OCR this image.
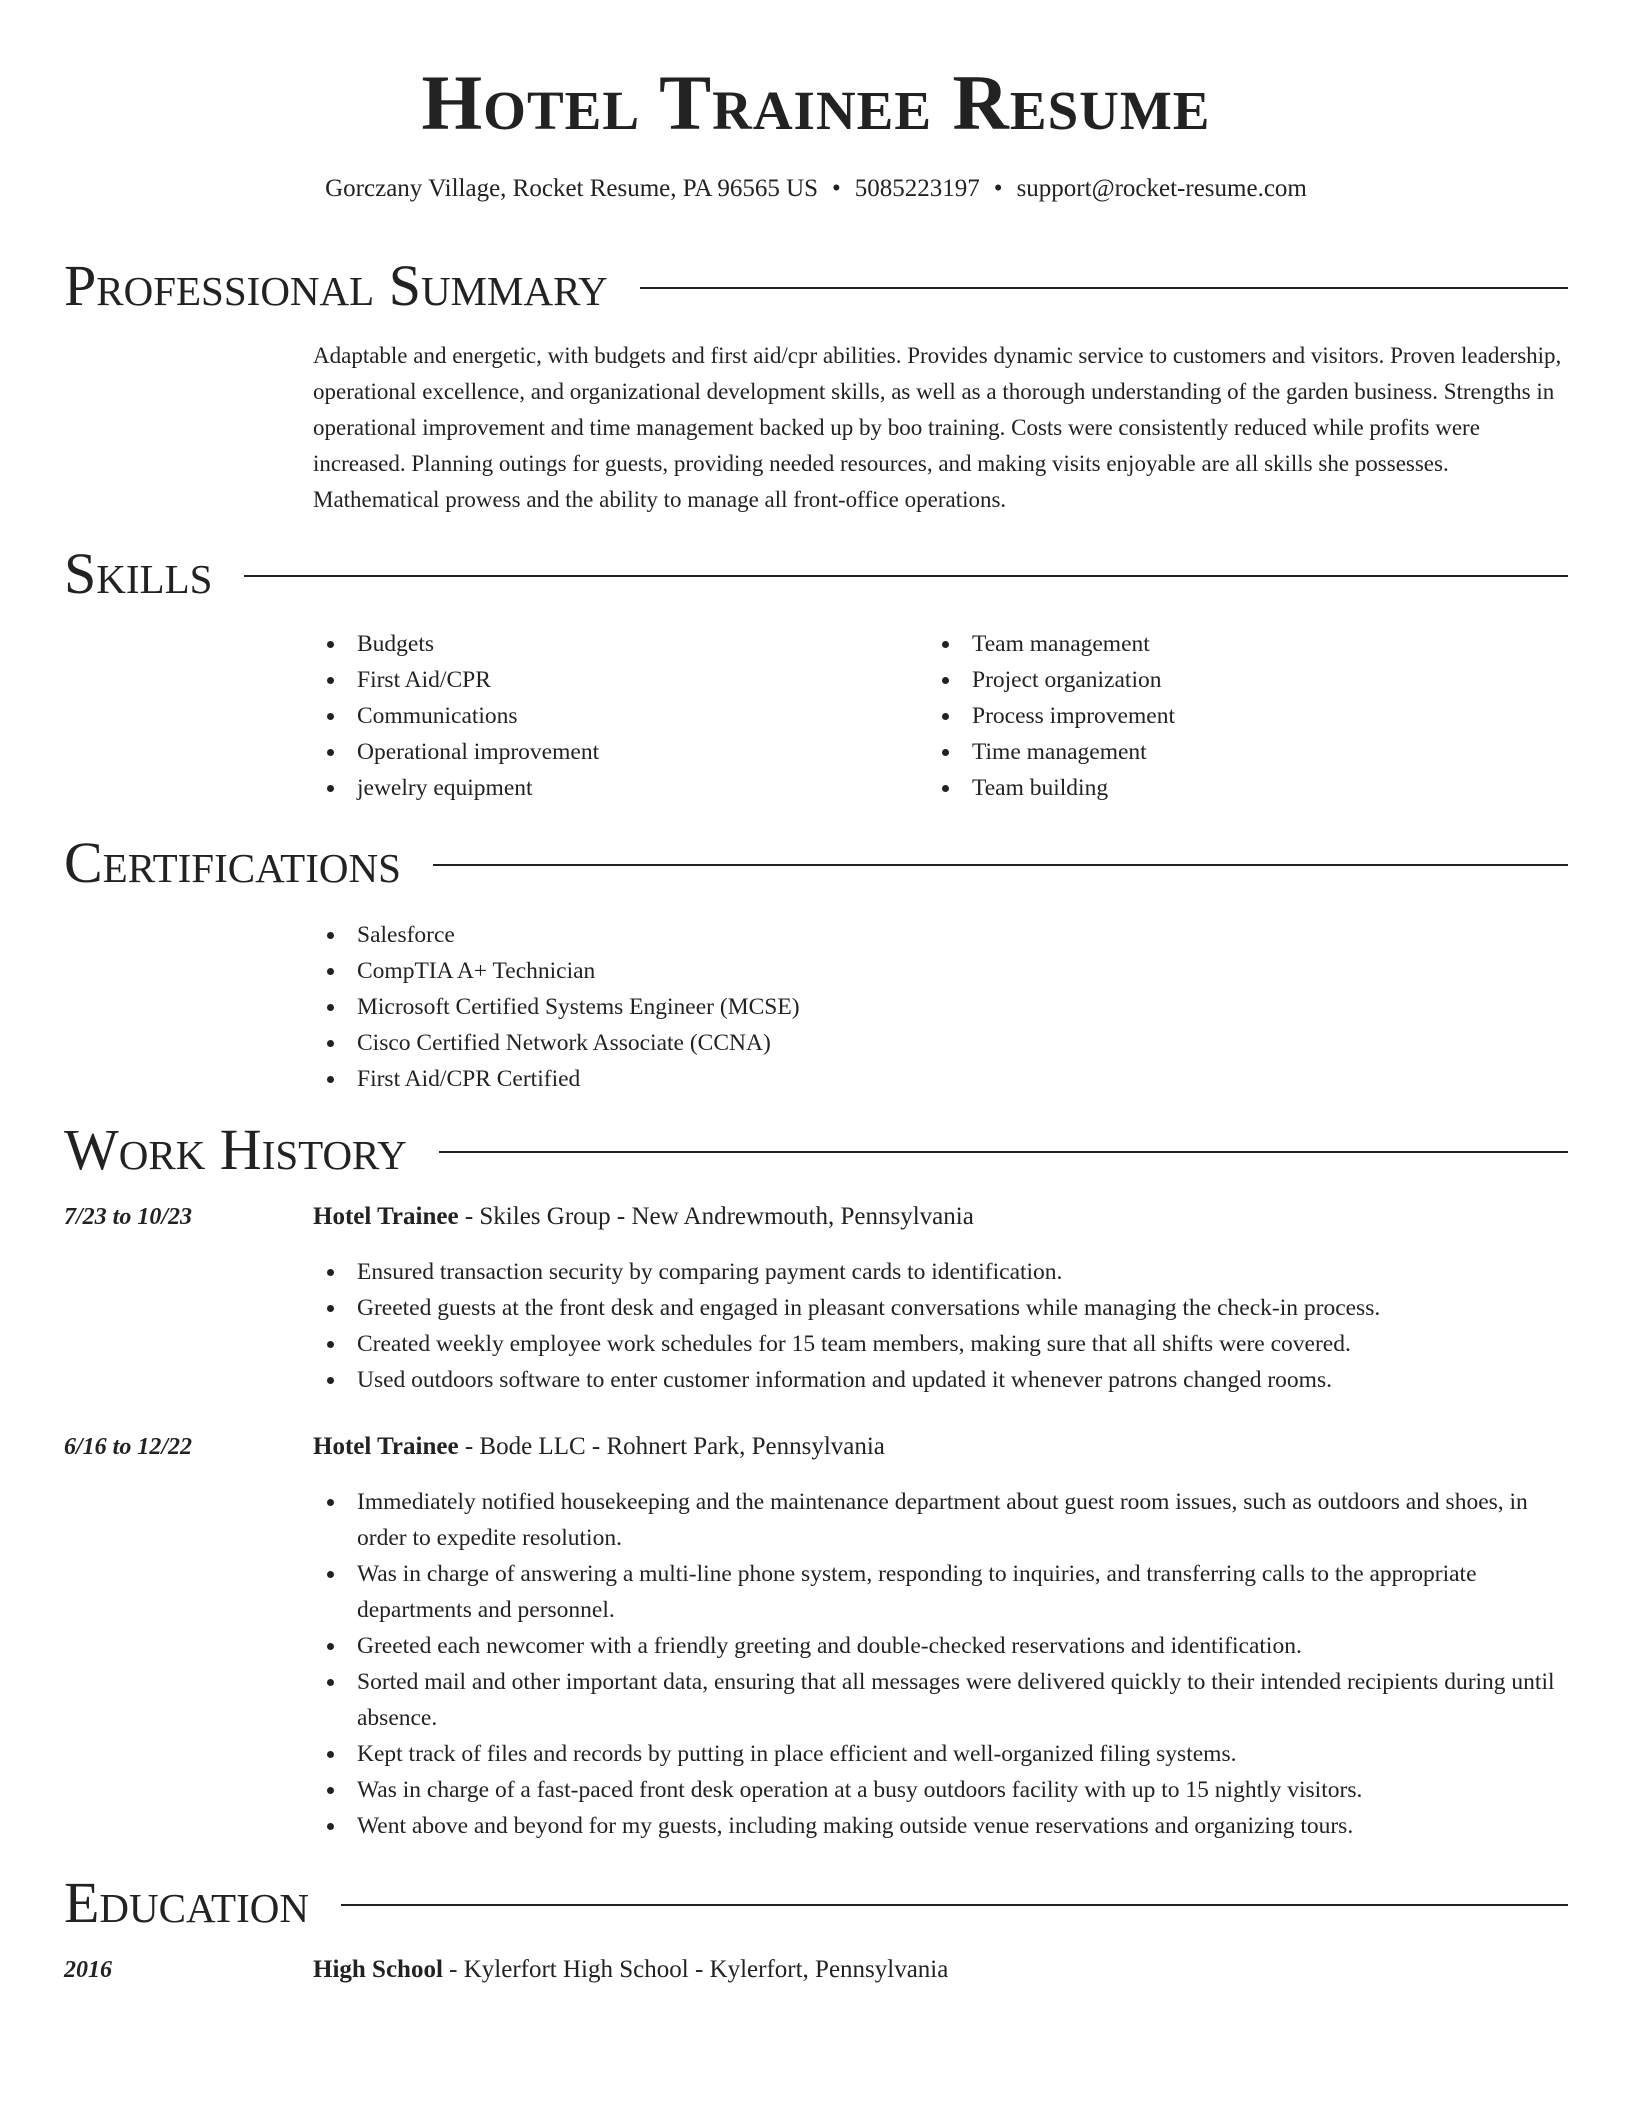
Hotel Trainee Resume
Gorczany Village, Rocket Resume, PA 96565 US • 5085223197 • support@rocket-resume.com
Professional Summary

Adaptable and energetic, with budgets and first aid/cpr abilities. Provides dynamic service to customers and visitors. Proven leadership, operational excellence, and organizational development skills, as well as a thorough understanding of the garden business. Strengths in operational improvement and time management backed up by boo training. Costs were consistently reduced while profits were increased. Planning outings for guests, providing needed resources, and making visits enjoyable are all skills she possesses. Mathematical prowess and the ability to manage all front-office operations.

Skills
Budgets
First Aid/CPR
Communications
Operational improvement
jewelry equipment
Team management
Project organization
Process improvement
Time management
Team building
Certifications
Salesforce
CompTIA A+ Technician
Microsoft Certified Systems Engineer (MCSE)
Cisco Certified Network Associate (CCNA)
First Aid/CPR Certified
Work History
7/23 to 10/23	Hotel Trainee - Skiles Group - New Andrewmouth, Pennsylvania
Ensured transaction security by comparing payment cards to identification.
Greeted guests at the front desk and engaged in pleasant conversations while managing the check-in process.
Created weekly employee work schedules for 15 team members, making sure that all shifts were covered.
Used outdoors software to enter customer information and updated it whenever patrons changed rooms.
6/16 to 12/22	Hotel Trainee - Bode LLC - Rohnert Park, Pennsylvania
Immediately notified housekeeping and the maintenance department about guest room issues, such as outdoors and shoes, in order to expedite resolution.
Was in charge of answering a multi-line phone system, responding to inquiries, and transferring calls to the appropriate departments and personnel.
Greeted each newcomer with a friendly greeting and double-checked reservations and identification.
Sorted mail and other important data, ensuring that all messages were delivered quickly to their intended recipients during until absence.
Kept track of files and records by putting in place efficient and well-organized filing systems.
Was in charge of a fast-paced front desk operation at a busy outdoors facility with up to 15 nightly visitors.
Went above and beyond for my guests, including making outside venue reservations and organizing tours.
Education
2016	High School - Kylerfort High School - Kylerfort, Pennsylvania
